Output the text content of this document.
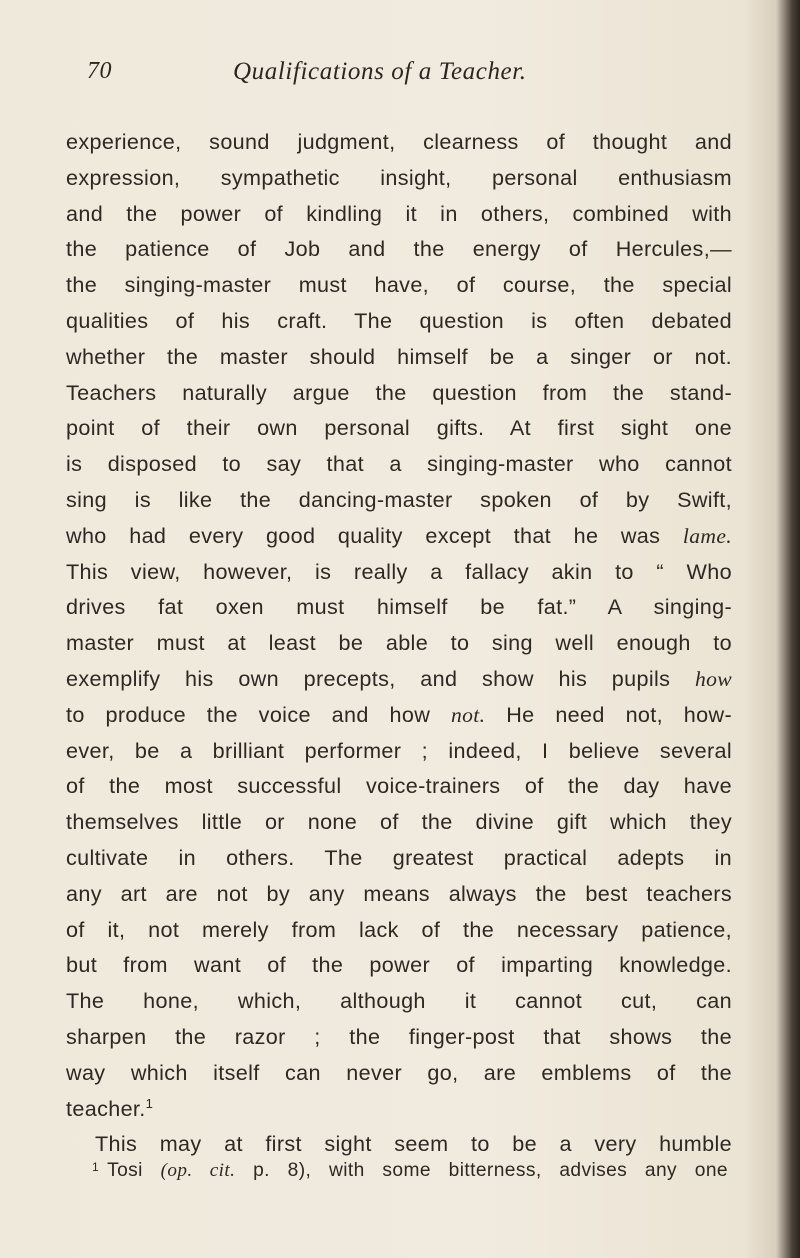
70	Qualifications of a Teacher.
experience, sound judgment, clearness of thought and
expression, sympathetic insight, personal enthusiasm
and the power of kindling it in others, combined with
the patience of Job and the energy of Hercules,—
the singing-master must have, of course, the special
qualities of his craft. The question is often debated
whether the master should himself be a singer or not.
Teachers naturally argue the question from the stand-
point of their own personal gifts. At first sight one
is disposed to say that a singing-master who cannot
sing is like the dancing-master spoken of by Swift,
who had every good quality except that he was lame.
This view, however, is really a fallacy akin to “ Who
drives fat oxen must himself be fat.” A singing-
master must at least be able to sing well enough to
exemplify his own precepts, and show his pupils how
to produce the voice and how not. He need not, how-
ever, be a brilliant performer ; indeed, I believe several
of the most successful voice-trainers of the day have
themselves little or none of the divine gift which they
cultivate in others. The greatest practical adepts in
any art are not by any means always the best teachers
of it, not merely from lack of the necessary patience,
but from want of the power of imparting knowledge.
The hone, which, although it cannot cut, can
sharpen the razor ; the finger-post that shows the
way which itself can never go, are emblems of the
teacher.$^1$
This may at first sight seem to be a very humble
$^1$ Tosi (op. cit. p. 8), with some bitterness, advises any one
